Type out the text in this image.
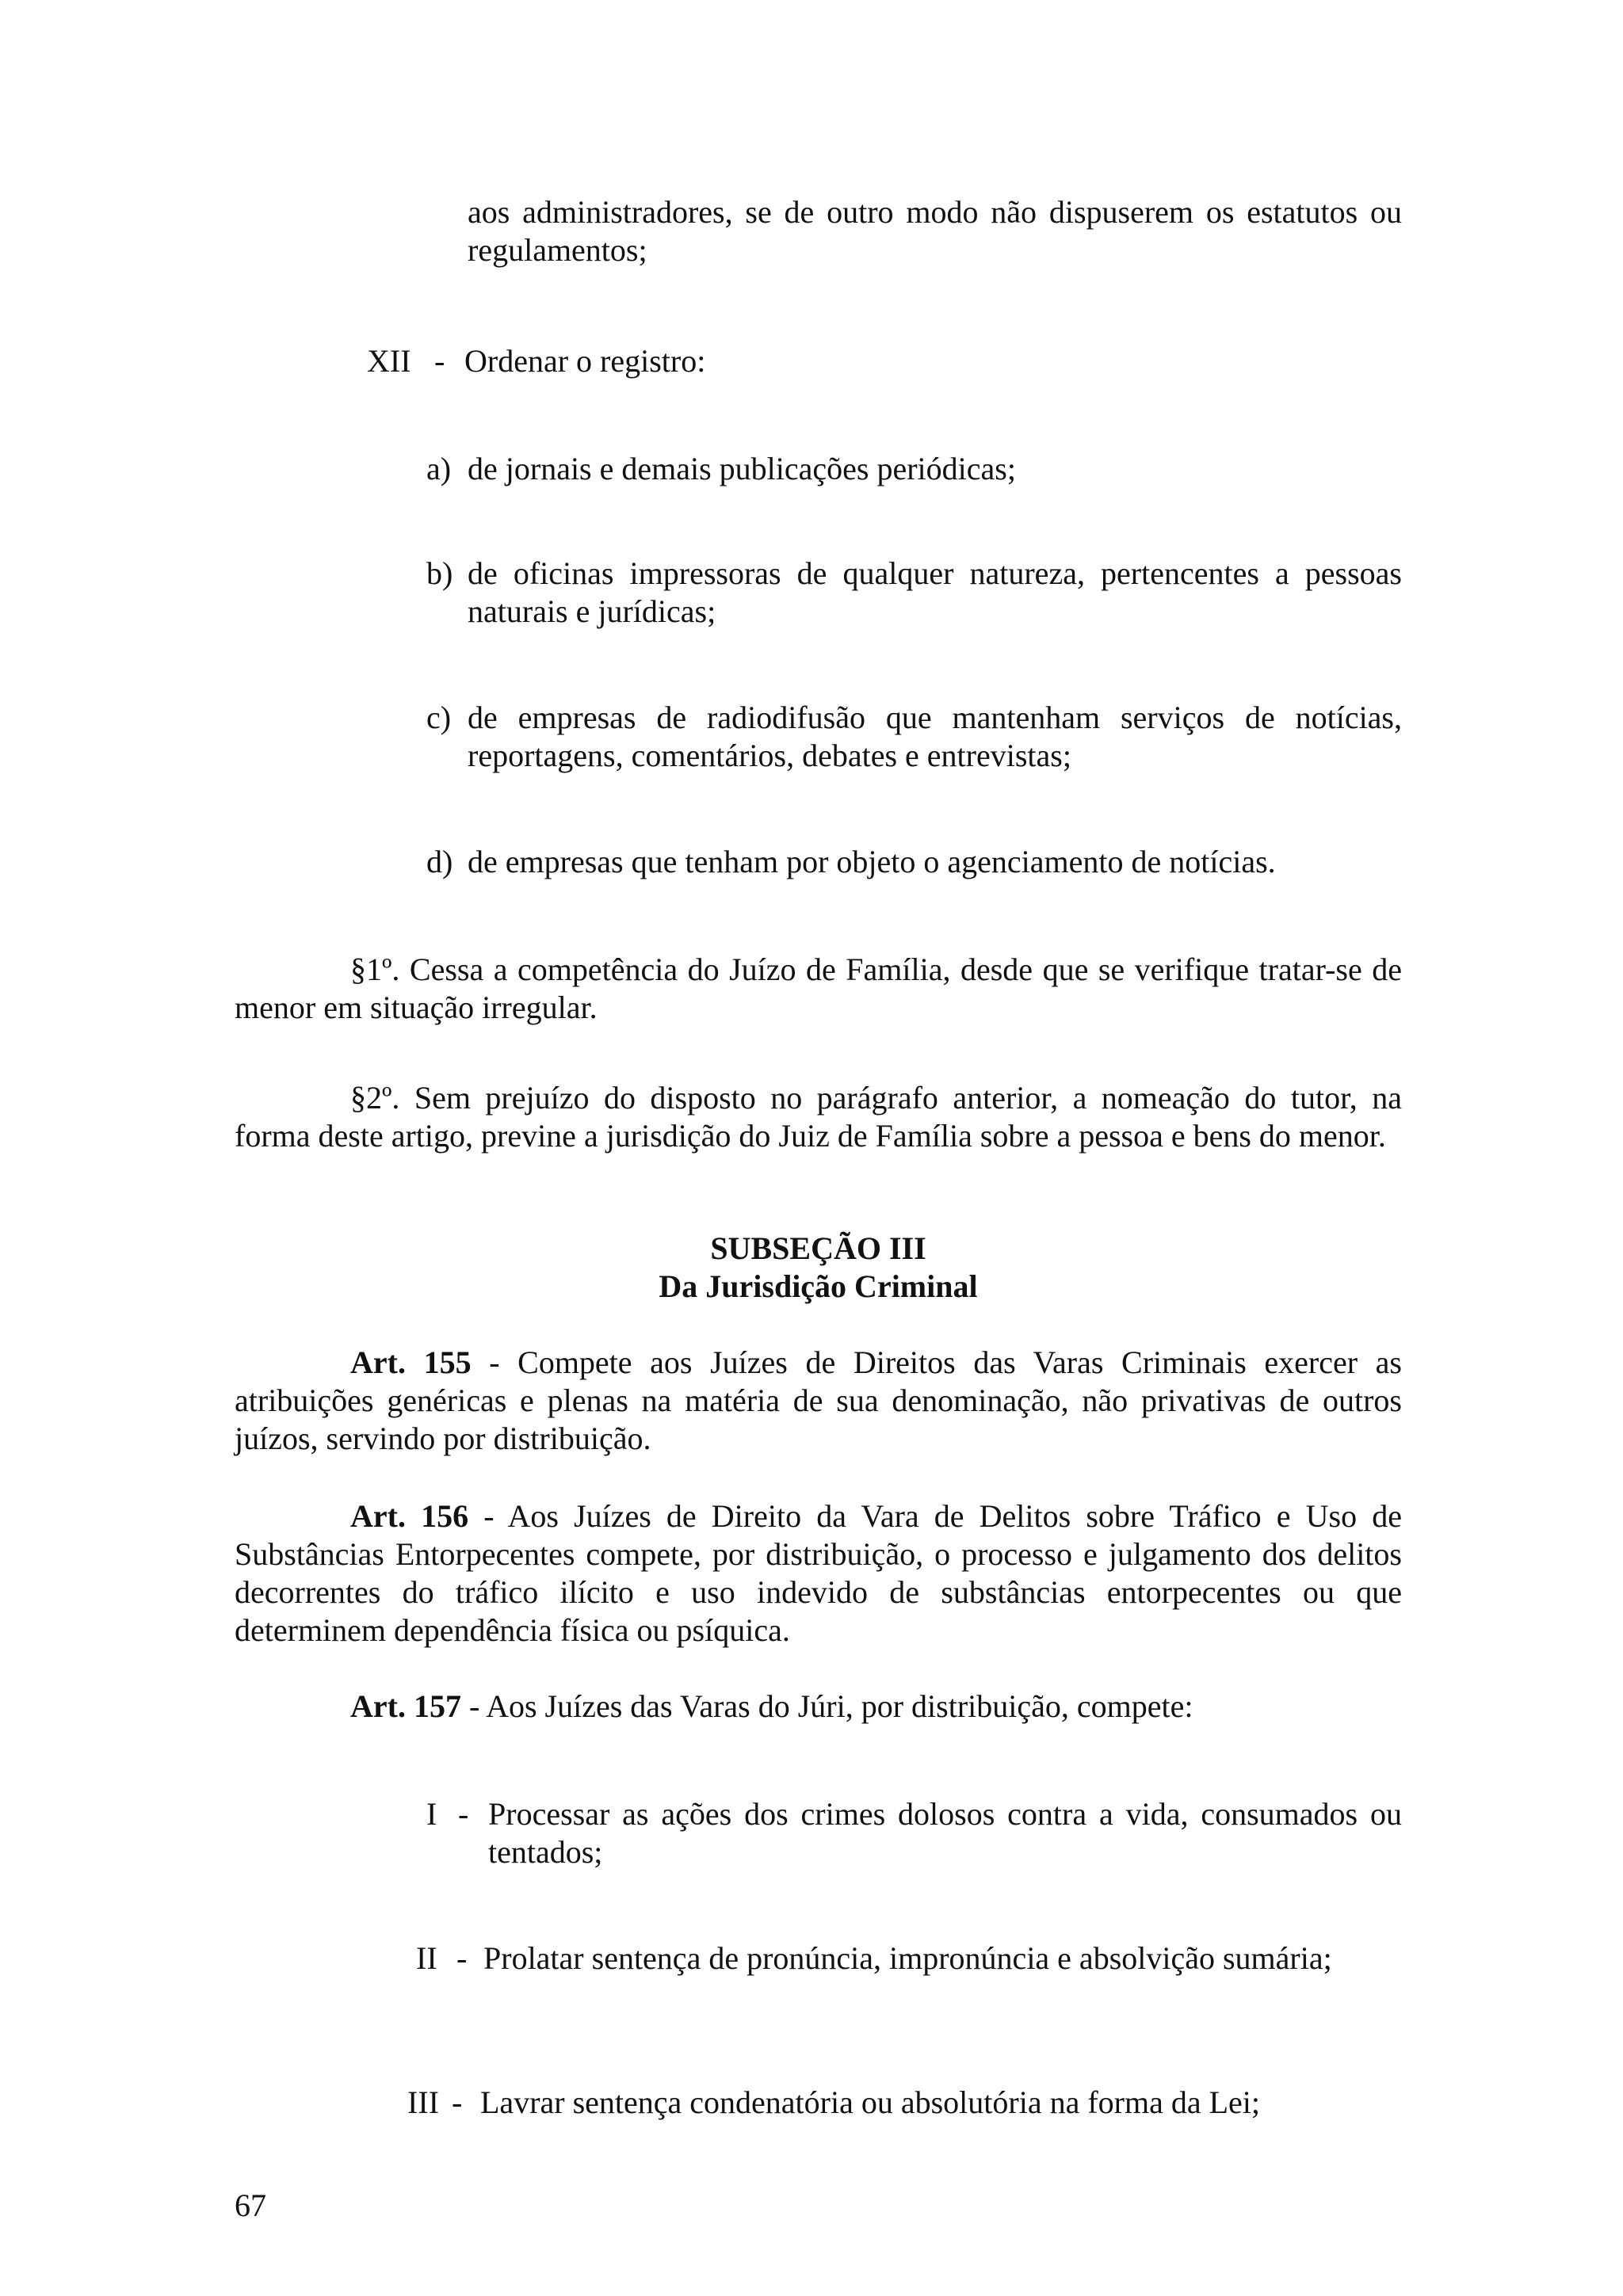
aos administradores, se de outro modo não dispuserem os estatutos ou regulamentos;

XII - Ordenar o registro:

a) de jornais e demais publicações periódicas;

b) de oficinas impressoras de qualquer natureza, pertencentes a pessoas naturais e jurídicas;

c) de empresas de radiodifusão que mantenham serviços de notícias, reportagens, comentários, debates e entrevistas;

d) de empresas que tenham por objeto o agenciamento de notícias.

§1º. Cessa a competência do Juízo de Família, desde que se verifique tratar-se de menor em situação irregular.

§2º. Sem prejuízo do disposto no parágrafo anterior, a nomeação do tutor, na forma deste artigo, previne a jurisdição do Juiz de Família sobre a pessoa e bens do menor.

SUBSEÇÃO III

Da Jurisdição Criminal

Art. 155 - Compete aos Juízes de Direitos das Varas Criminais exercer as atribuições genéricas e plenas na matéria de sua denominação, não privativas de outros juízos, servindo por distribuição.

Art. 156 - Aos Juízes de Direito da Vara de Delitos sobre Tráfico e Uso de Substâncias Entorpecentes compete, por distribuição, o processo e julgamento dos delitos decorrentes do tráfico ilícito e uso indevido de substâncias entorpecentes ou que determinem dependência física ou psíquica.

Art. 157 - Aos Juízes das Varas do Júri, por distribuição, compete:

I - Processar as ações dos crimes dolosos contra a vida, consumados ou tentados;

II - Prolatar sentença de pronúncia, impronúncia e absolvição sumária;

III - Lavrar sentença condenatória ou absolutória na forma da Lei;

67
